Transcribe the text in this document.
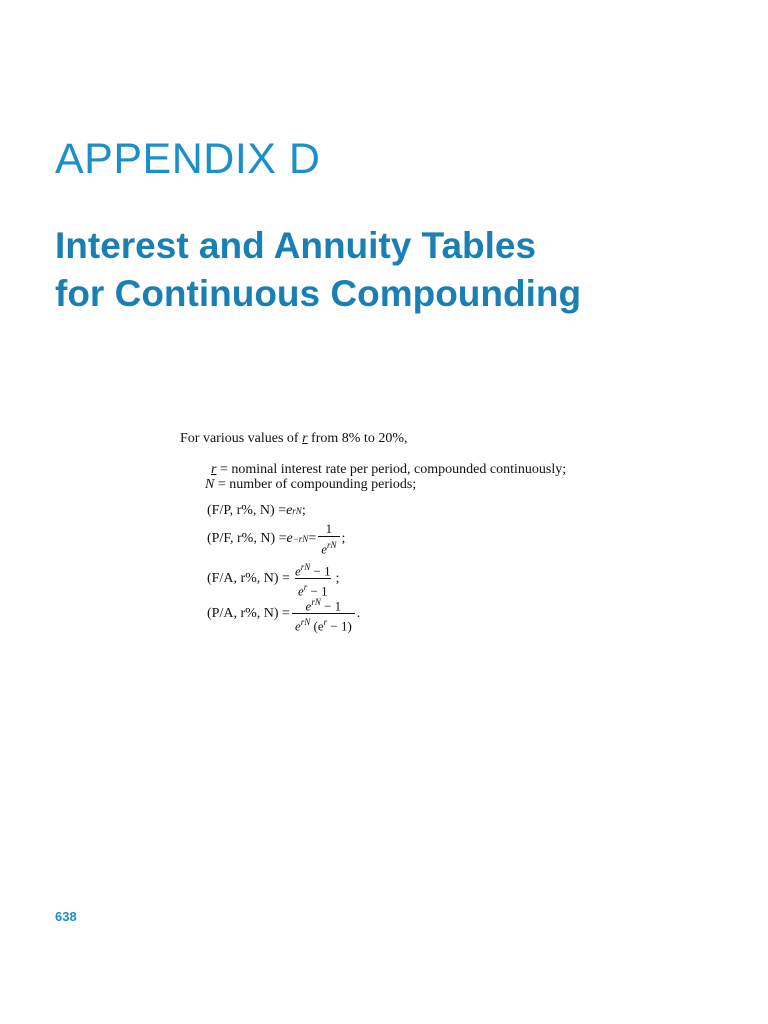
APPENDIX D
Interest and Annuity Tables
for Continuous Compounding
For various values of r from 8% to 20%,
r = nominal interest rate per period, compounded continuously;
N = number of compounding periods;
(F/P, r%, N) = e rN ;
(P/F, r%, $N) = e -rN = \frac{1}{e^{rN}}$ ;
(F/A, r%, $N) = \frac{e^{rN} - 1}{e^r - 1}$ ;
(P/A, r%, $N) = \frac{e^{rN} - 1}{e^{rN} (e^r - 1)}$ .
638
